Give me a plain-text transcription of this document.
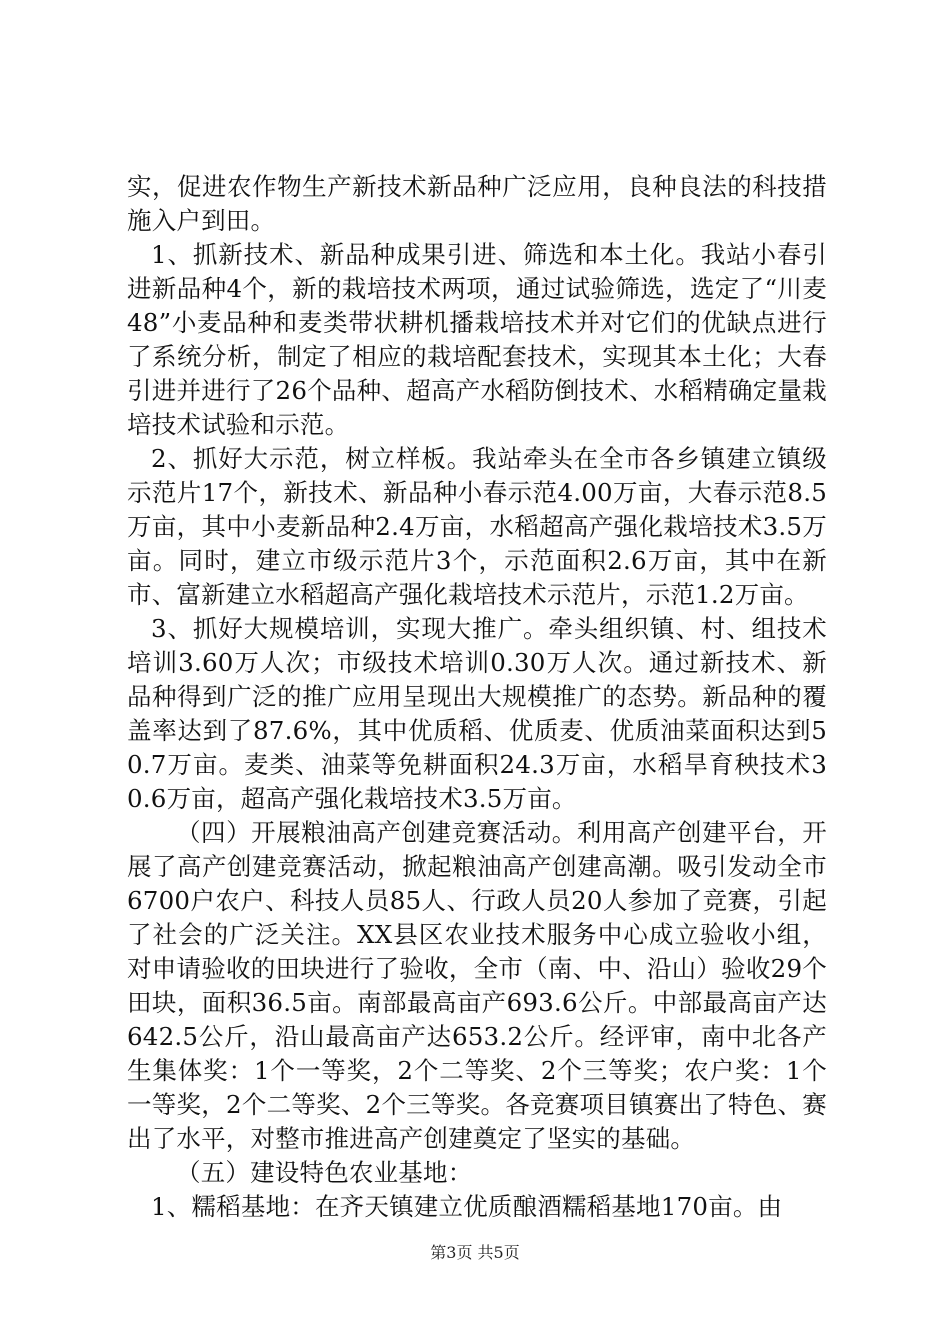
实，促进农作物生产新技术新品种广泛应用，良种良法的科技措施入户到田。

1、抓新技术、新品种成果引进、筛选和本土化。我站小春引进新品种4个，新的栽培技术两项，通过试验筛选，选定了“川麦48”小麦品种和麦类带状耕机播栽培技术并对它们的优缺点进行了系统分析，制定了相应的栽培配套技术，实现其本土化；大春引进并进行了26个品种、超高产水稻防倒技术、水稻精确定量栽培技术试验和示范。

2、抓好大示范，树立样板。我站牵头在全市各乡镇建立镇级示范片17个，新技术、新品种小春示范4.00万亩，大春示范8.5万亩，其中小麦新品种2.4万亩，水稻超高产强化栽培技术3.5万亩。同时，建立市级示范片3个，示范面积2.6万亩，其中在新市、富新建立水稻超高产强化栽培技术示范片，示范1.2万亩。

3、抓好大规模培训，实现大推广。牵头组织镇、村、组技术培训3.60万人次；市级技术培训0.30万人次。通过新技术、新品种得到广泛的推广应用呈现出大规模推广的态势。新品种的覆盖率达到了87.6%，其中优质稻、优质麦、优质油菜面积达到50.7万亩。麦类、油菜等免耕面积24.3万亩，水稻旱育秧技术30.6万亩，超高产强化栽培技术3.5万亩。

（四）开展粮油高产创建竞赛活动。利用高产创建平台，开展了高产创建竞赛活动，掀起粮油高产创建高潮。吸引发动全市6700户农户、科技人员85人、行政人员20人参加了竞赛，引起了社会的广泛关注。XX县区农业技术服务中心成立验收小组，对申请验收的田块进行了验收，全市（南、中、沿山）验收29个田块，面积36.5亩。南部最高亩产693.6公斤。中部最高亩产达642.5公斤，沿山最高亩产达653.2公斤。经评审，南中北各产生集体奖：1个一等奖，2个二等奖、2个三等奖；农户奖：1个一等奖，2个二等奖、2个三等奖。各竞赛项目镇赛出了特色、赛出了水平，对整市推进高产创建奠定了坚实的基础。

（五）建设特色农业基地：

1、糯稻基地：在齐天镇建立优质酿酒糯稻基地170亩。由

第3页 共5页
